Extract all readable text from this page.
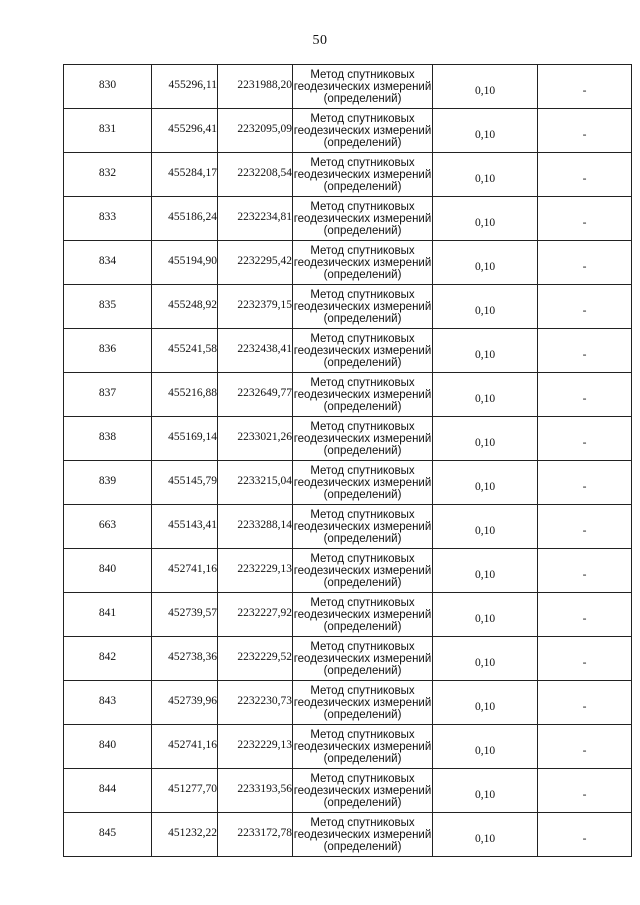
50
830	455296,11	2231988,20	Метод спутниковых
геодезических измерений
(определений)	0,10	-
831	455296,41	2232095,09	Метод спутниковых
геодезических измерений
(определений)	0,10	-
832	455284,17	2232208,54	Метод спутниковых
геодезических измерений
(определений)	0,10	-
833	455186,24	2232234,81	Метод спутниковых
геодезических измерений
(определений)	0,10	-
834	455194,90	2232295,42	Метод спутниковых
геодезических измерений
(определений)	0,10	-
835	455248,92	2232379,15	Метод спутниковых
геодезических измерений
(определений)	0,10	-
836	455241,58	2232438,41	Метод спутниковых
геодезических измерений
(определений)	0,10	-
837	455216,88	2232649,77	Метод спутниковых
геодезических измерений
(определений)	0,10	-
838	455169,14	2233021,26	Метод спутниковых
геодезических измерений
(определений)	0,10	-
839	455145,79	2233215,04	Метод спутниковых
геодезических измерений
(определений)	0,10	-
663	455143,41	2233288,14	Метод спутниковых
геодезических измерений
(определений)	0,10	-
840	452741,16	2232229,13	Метод спутниковых
геодезических измерений
(определений)	0,10	-
841	452739,57	2232227,92	Метод спутниковых
геодезических измерений
(определений)	0,10	-
842	452738,36	2232229,52	Метод спутниковых
геодезических измерений
(определений)	0,10	-
843	452739,96	2232230,73	Метод спутниковых
геодезических измерений
(определений)	0,10	-
840	452741,16	2232229,13	Метод спутниковых
геодезических измерений
(определений)	0,10	-
844	451277,70	2233193,56	Метод спутниковых
геодезических измерений
(определений)	0,10	-
845	451232,22	2233172,78	Метод спутниковых
геодезических измерений
(определений)	0,10	-
